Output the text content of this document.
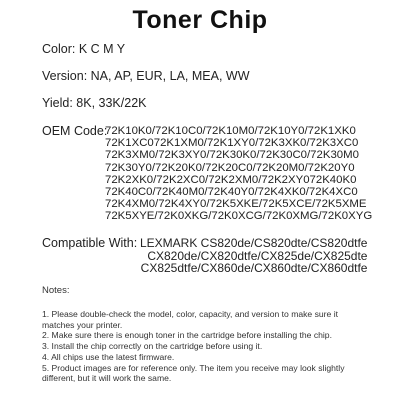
Toner Chip
Color: K C M Y
Version: NA, AP, EUR, LA, MEA, WW
Yield: 8K, 33K/22K
OEM Code:
72K10K0/72K10C0/72K10M0/72K10Y0/72K1XK0
72K1XC072K1XM0/72K1XY0/72K3XK0/72K3XC0
72K3XM0/72K3XY0/72K30K0/72K30C0/72K30M0
72K30Y0/72K20K0/72K20C0/72K20M0/72K20Y0
72K2XK0/72K2XC0/72K2XM0/72K2XY072K40K0
72K40C0/72K40M0/72K40Y0/72K4XK0/72K4XC0
72K4XM0/72K4XY0/72K5XKE/72K5XCE/72K5XME
72K5XYE/72K0XKG/72K0XCG/72K0XMG/72K0XYG
Compatible With: LEXMARK CS820de/CS820dte/CS820dtfe
CX820de/CX820dtfe/CX825de/CX825dte
CX825dtfe/CX860de/CX860dte/CX860dtfe
Notes:
1. Please double-check the model, color, capacity, and version to make sure it
matches your printer.
2. Make sure there is enough toner in the cartridge before installing the chip.
3. Install the chip correctly on the cartridge before using it.
4. All chips use the latest firmware.
5. Product images are for reference only. The item you receive may look slightly
different, but it will work the same.
